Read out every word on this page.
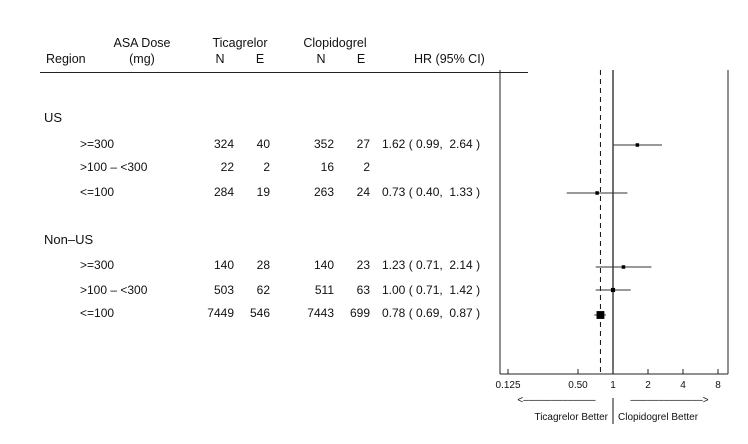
Region
ASA Dose
(mg)
Ticagrelor
N	E
Clopidogrel
N	E	HR (95% CI)
US
>=300	324	40	352	27 1.62 ( 0.99,  2.64 )
>100 – <300	22	2	16	2
<=100	284	19	263	24 0.73 ( 0.40,  1.33 )
Non–US
>=300	140	28	140	23 1.23 ( 0.71,  2.14 )
>100 – <300	503	62	511	63 1.00 ( 0.71,  1.42 )
<=100	7449	546	7443	699 0.78 ( 0.69,  0.87 )
0.125	0.50 1	2	4	8
<–––––––––––––	–––––––––––––>
Ticagrelor Better Clopidogrel Better
